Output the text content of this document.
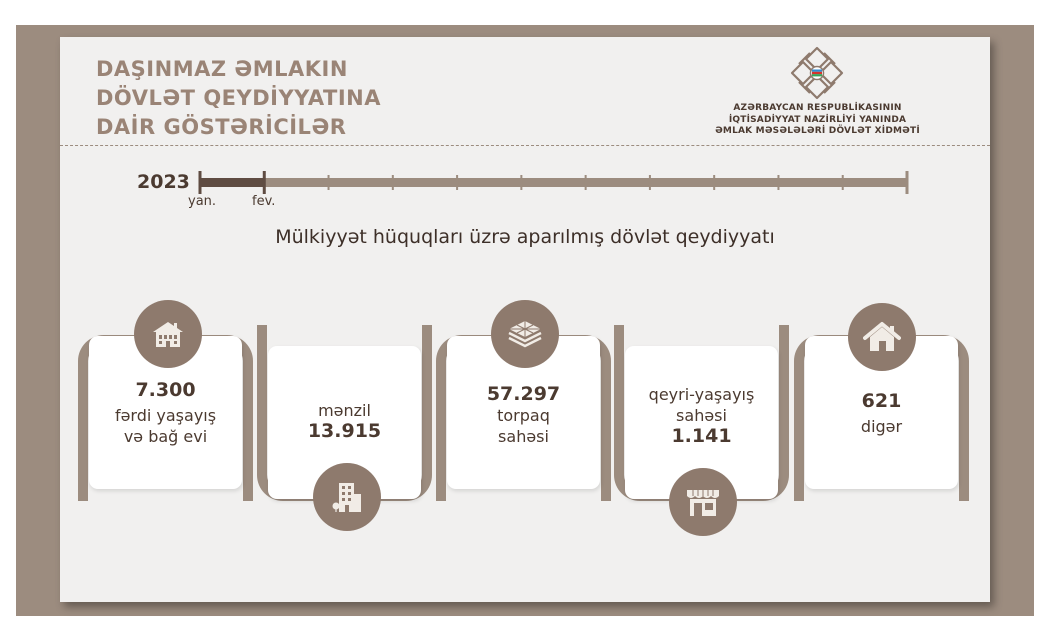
DAŞINMAZ ƏMLAKIN
DÖVLƏT QEYDİYYATINA
DAİR GÖSTƏRİCİLƏR
AZƏRBAYCAN RESPUBLİKASININ
İQTİSADİYYAT NAZİRLİYİ YANINDA
ƏMLAK MƏSƏLƏLƏRİ DÖVLƏT XİDMƏTİ
2023
yan.	fev.
Mülkiyyət hüquqları üzrə aparılmış dövlət qeydiyyatı
7.300
fərdi yaşayış
və bağ evi
mənzil
13.915
57.297
torpaq
sahəsi
qeyri-yaşayış
sahəsi
1.141
621
digər
